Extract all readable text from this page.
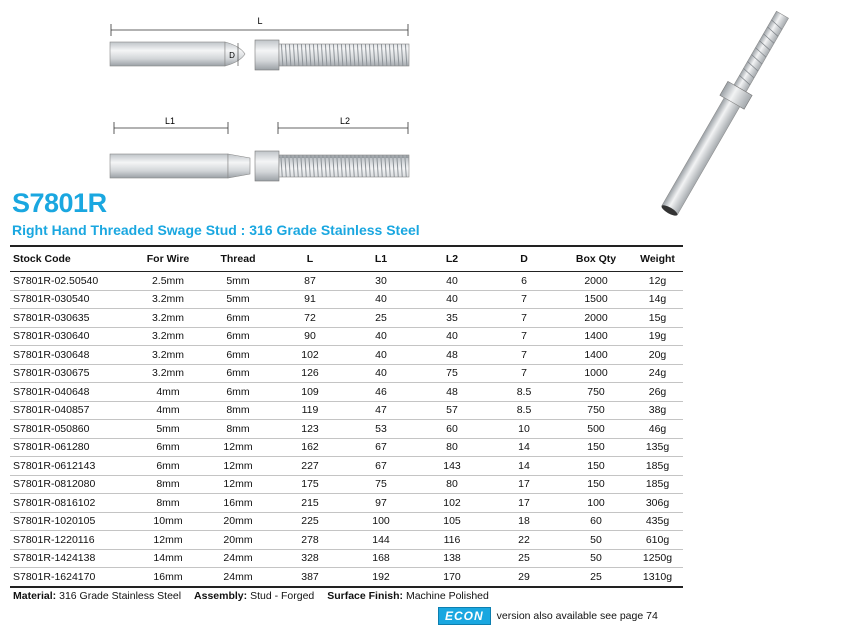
L
D
L1	L2
S7801R
Right Hand Threaded Swage Stud : 316 Grade Stainless Steel
Stock Code	For Wire	Thread	L	L1	L2	D	Box Qty	Weight
S7801R-02.50540	2.5mm	5mm	87	30	40	6	2000	12g
S7801R-030540	3.2mm	5mm	91	40	40	7	1500	14g
S7801R-030635	3.2mm	6mm	72	25	35	7	2000	15g
S7801R-030640	3.2mm	6mm	90	40	40	7	1400	19g
S7801R-030648	3.2mm	6mm	102	40	48	7	1400	20g
S7801R-030675	3.2mm	6mm	126	40	75	7	1000	24g
S7801R-040648	4mm	6mm	109	46	48	8.5	750	26g
S7801R-040857	4mm	8mm	119	47	57	8.5	750	38g
S7801R-050860	5mm	8mm	123	53	60	10	500	46g
S7801R-061280	6mm	12mm	162	67	80	14	150	135g
S7801R-0612143	6mm	12mm	227	67	143	14	150	185g
S7801R-0812080	8mm	12mm	175	75	80	17	150	185g
S7801R-0816102	8mm	16mm	215	97	102	17	100	306g
S7801R-1020105	10mm	20mm	225	100	105	18	60	435g
S7801R-1220116	12mm	20mm	278	144	116	22	50	610g
S7801R-1424138	14mm	24mm	328	168	138	25	50	1250g
S7801R-1624170	16mm	24mm	387	192	170	29	25	1310g
Material: 316 Grade Stainless Steel Assembly: Stud - Forged Surface Finish: Machine Polished
ECON	version also available see page 74
